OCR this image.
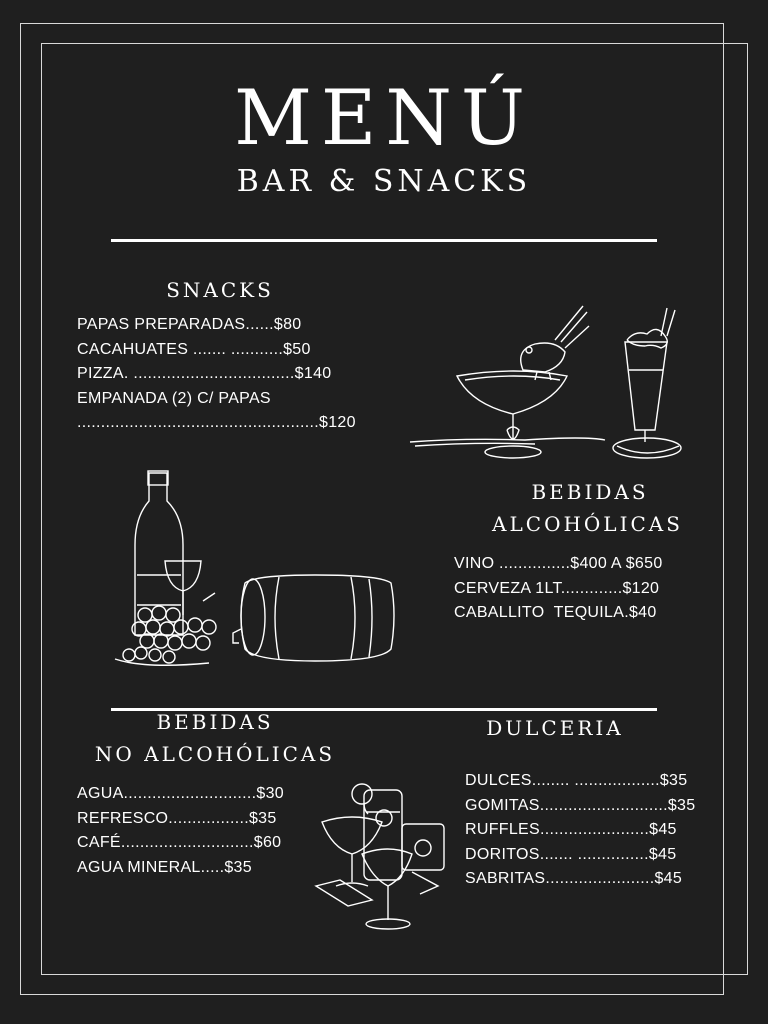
MENÚ
BAR & SNACKS
SNACKS
PAPAS PREPARADAS......$80
CACAHUATES ....... ...........$50
PIZZA. ..................................$140
EMPANADA (2) C/ PAPAS
...................................................$120
BEBIDAS
ALCOHÓLICAS
VINO ...............$400 A $650
CERVEZA 1LT.............$120
CABALLITO  TEQUILA.$40
BEBIDAS
NO ALCOHÓLICAS
AGUA............................$30
REFRESCO.................$35
CAFÉ............................$60
AGUA MINERAL.....$35
DULCERIA
DULCES........ ..................$35
GOMITAS...........................$35
RUFFLES.......................$45
DORITOS....... ...............$45
SABRITAS.......................$45
